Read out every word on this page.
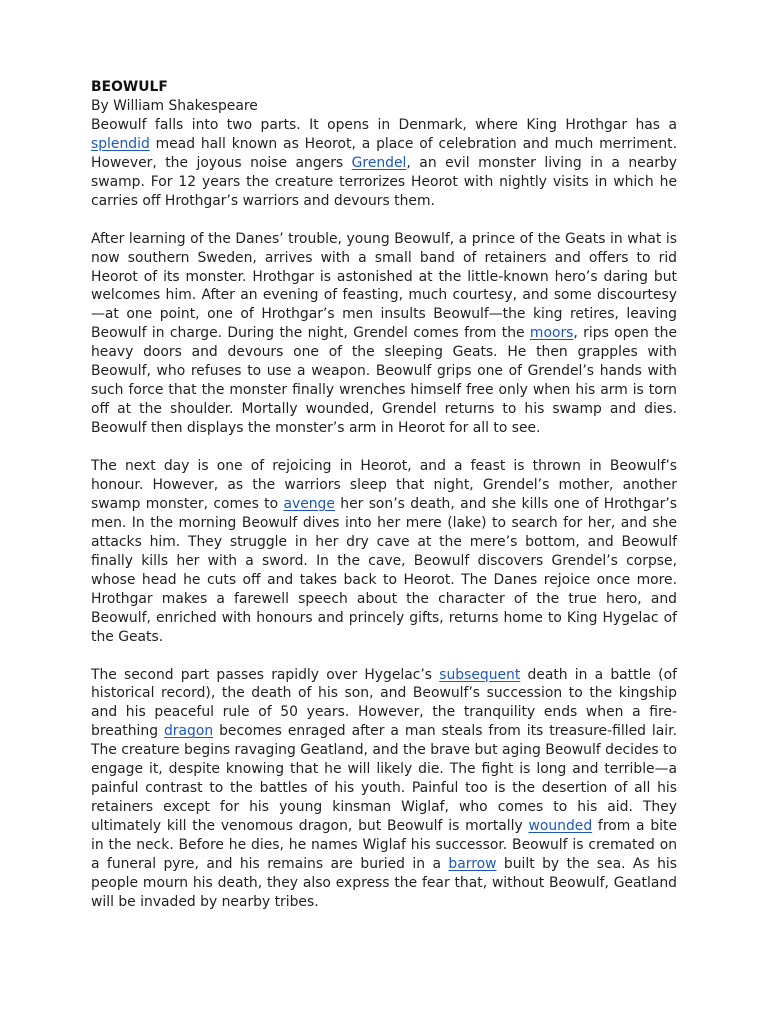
BEOWULF
By William Shakespeare

Beowulf falls into two parts. It opens in Denmark, where King Hrothgar has a splendid mead hall known as Heorot, a place of celebration and much merriment. However, the joyous noise angers Grendel, an evil monster living in a nearby swamp. For 12 years the creature terrorizes Heorot with nightly visits in which he carries off Hrothgar’s warriors and devours them.

After learning of the Danes’ trouble, young Beowulf, a prince of the Geats in what is now southern Sweden, arrives with a small band of retainers and offers to rid Heorot of its monster. Hrothgar is astonished at the little-known hero’s daring but welcomes him. After an evening of feasting, much courtesy, and some discourtesy—at one point, one of Hrothgar’s men insults Beowulf—the king retires, leaving Beowulf in charge. During the night, Grendel comes from the moors, rips open the heavy doors and devours one of the sleeping Geats. He then grapples with Beowulf, who refuses to use a weapon. Beowulf grips one of Grendel’s hands with such force that the monster finally wrenches himself free only when his arm is torn off at the shoulder. Mortally wounded, Grendel returns to his swamp and dies. Beowulf then displays the monster’s arm in Heorot for all to see.

The next day is one of rejoicing in Heorot, and a feast is thrown in Beowulf’s honour. However, as the warriors sleep that night, Grendel’s mother, another swamp monster, comes to avenge her son’s death, and she kills one of Hrothgar’s men. In the morning Beowulf dives into her mere (lake) to search for her, and she attacks him. They struggle in her dry cave at the mere’s bottom, and Beowulf finally kills her with a sword. In the cave, Beowulf discovers Grendel’s corpse, whose head he cuts off and takes back to Heorot. The Danes rejoice once more. Hrothgar makes a farewell speech about the character of the true hero, and Beowulf, enriched with honours and princely gifts, returns home to King Hygelac of the Geats.

The second part passes rapidly over Hygelac’s subsequent death in a battle (of historical record), the death of his son, and Beowulf’s succession to the kingship and his peaceful rule of 50 years. However, the tranquility ends when a fire-breathing dragon becomes enraged after a man steals from its treasure-filled lair. The creature begins ravaging Geatland, and the brave but aging Beowulf decides to engage it, despite knowing that he will likely die. The fight is long and terrible—a painful contrast to the battles of his youth. Painful too is the desertion of all his retainers except for his young kinsman Wiglaf, who comes to his aid. They ultimately kill the venomous dragon, but Beowulf is mortally wounded from a bite in the neck. Before he dies, he names Wiglaf his successor. Beowulf is cremated on a funeral pyre, and his remains are buried in a barrow built by the sea. As his people mourn his death, they also express the fear that, without Beowulf, Geatland will be invaded by nearby tribes.
